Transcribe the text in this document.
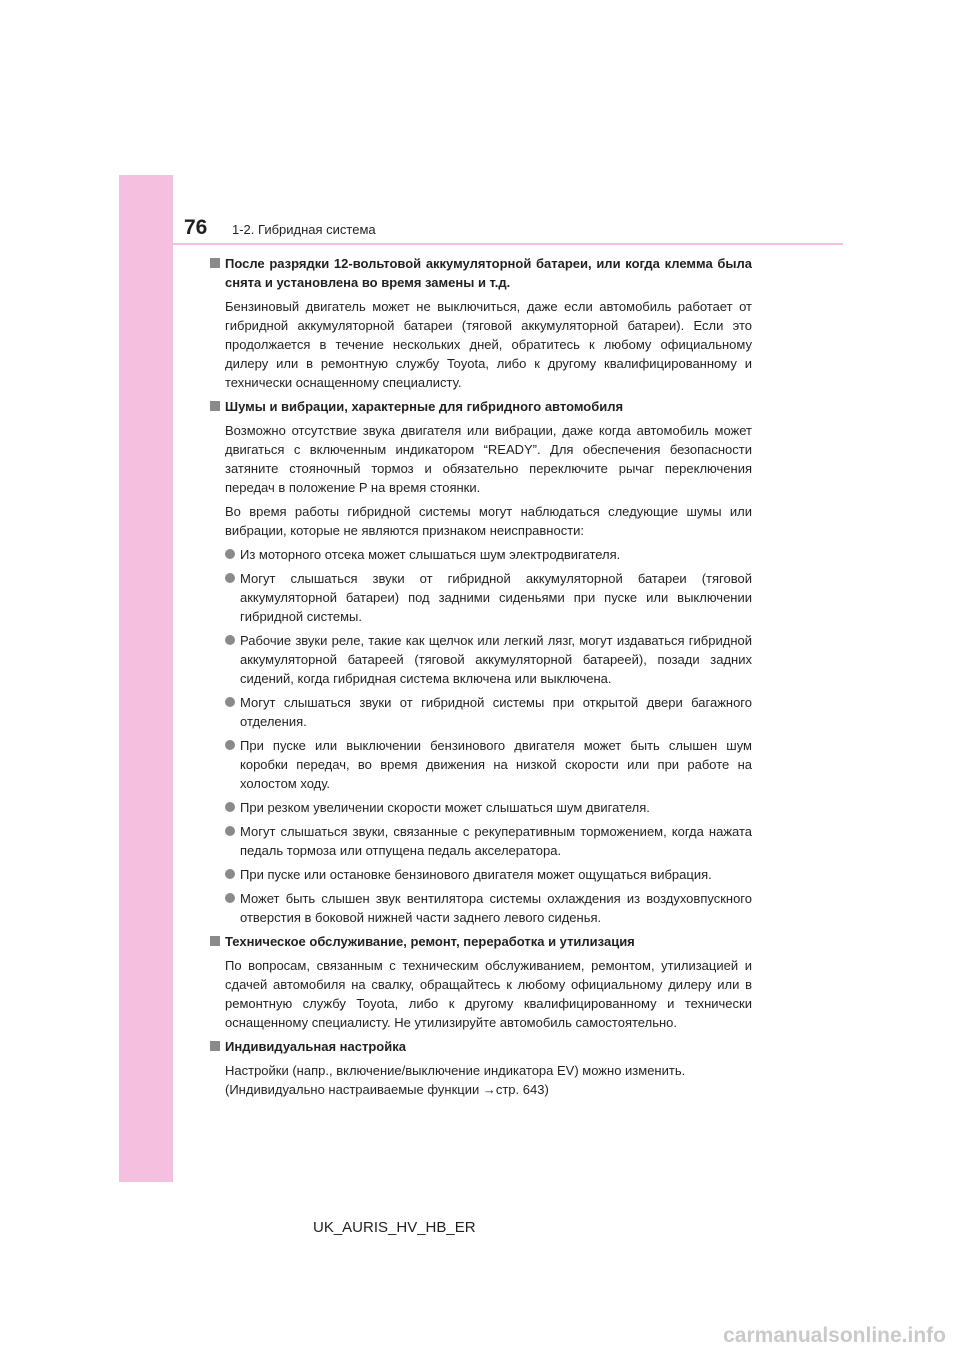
76 1-2. Гибридная система
После разрядки 12-вольтовой аккумуляторной батареи, или когда клемма была снята и установлена во время замены и т.д.

Бензиновый двигатель может не выключиться, даже если автомобиль работает от гибридной аккумуляторной батареи (тяговой аккумуляторной батареи). Если это продолжается в течение нескольких дней, обратитесь к любому официальному дилеру или в ремонтную службу Toyota, либо к другому квалифицированному и технически оснащенному специалисту.

Шумы и вибрации, характерные для гибридного автомобиля

Возможно отсутствие звука двигателя или вибрации, даже когда автомобиль может двигаться с включенным индикатором “READY”. Для обеспечения безопасности затяните стояночный тормоз и обязательно переключите рычаг переключения передач в положение P на время стоянки.

Во время работы гибридной системы могут наблюдаться следующие шумы или вибрации, которые не являются признаком неисправности:

Из моторного отсека может слышаться шум электродвигателя.
Могут слышаться звуки от гибридной аккумуляторной батареи (тяговой аккумуляторной батареи) под задними сиденьями при пуске или выключении гибридной системы.
Рабочие звуки реле, такие как щелчок или легкий лязг, могут издаваться гибридной аккумуляторной батареей (тяговой аккумуляторной батареей), позади задних сидений, когда гибридная система включена или выключена.
Могут слышаться звуки от гибридной системы при открытой двери багажного отделения.
При пуске или выключении бензинового двигателя может быть слышен шум коробки передач, во время движения на низкой скорости или при работе на холостом ходу.
При резком увеличении скорости может слышаться шум двигателя.
Могут слышаться звуки, связанные с рекуперативным торможением, когда нажата педаль тормоза или отпущена педаль акселератора.
При пуске или остановке бензинового двигателя может ощущаться вибрация.
Может быть слышен звук вентилятора системы охлаждения из воздуховпускного отверстия в боковой нижней части заднего левого сиденья.
Техническое обслуживание, ремонт, переработка и утилизация

По вопросам, связанным с техническим обслуживанием, ремонтом, утилизацией и сдачей автомобиля на свалку, обращайтесь к любому официальному дилеру или в ремонтную службу Toyota, либо к другому квалифицированному и технически оснащенному специалисту. Не утилизируйте автомобиль самостоятельно.

Индивидуальная настройка

Настройки (напр., включение/выключение индикатора EV) можно изменить.
(Индивидуально настраиваемые функции →стр. 643)

UK_AURIS_HV_HB_ER
carmanualsonline.info
